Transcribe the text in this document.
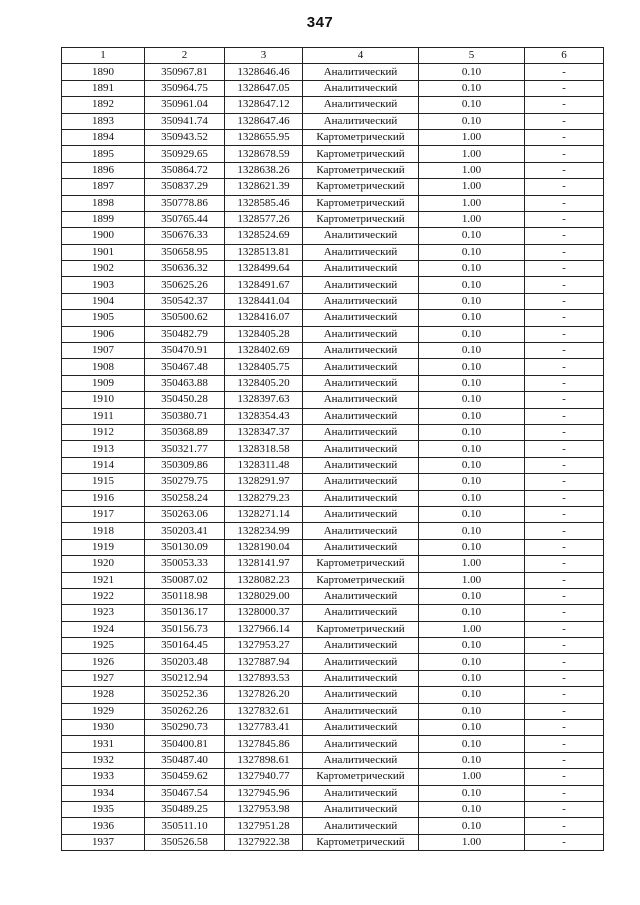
347
1	2	3	4	5	6
1890	350967.81	1328646.46	Аналитический	0.10	-
1891	350964.75	1328647.05	Аналитический	0.10	-
1892	350961.04	1328647.12	Аналитический	0.10	-
1893	350941.74	1328647.46	Аналитический	0.10	-
1894	350943.52	1328655.95	Картометрический	1.00	-
1895	350929.65	1328678.59	Картометрический	1.00	-
1896	350864.72	1328638.26	Картометрический	1.00	-
1897	350837.29	1328621.39	Картометрический	1.00	-
1898	350778.86	1328585.46	Картометрический	1.00	-
1899	350765.44	1328577.26	Картометрический	1.00	-
1900	350676.33	1328524.69	Аналитический	0.10	-
1901	350658.95	1328513.81	Аналитический	0.10	-
1902	350636.32	1328499.64	Аналитический	0.10	-
1903	350625.26	1328491.67	Аналитический	0.10	-
1904	350542.37	1328441.04	Аналитический	0.10	-
1905	350500.62	1328416.07	Аналитический	0.10	-
1906	350482.79	1328405.28	Аналитический	0.10	-
1907	350470.91	1328402.69	Аналитический	0.10	-
1908	350467.48	1328405.75	Аналитический	0.10	-
1909	350463.88	1328405.20	Аналитический	0.10	-
1910	350450.28	1328397.63	Аналитический	0.10	-
1911	350380.71	1328354.43	Аналитический	0.10	-
1912	350368.89	1328347.37	Аналитический	0.10	-
1913	350321.77	1328318.58	Аналитический	0.10	-
1914	350309.86	1328311.48	Аналитический	0.10	-
1915	350279.75	1328291.97	Аналитический	0.10	-
1916	350258.24	1328279.23	Аналитический	0.10	-
1917	350263.06	1328271.14	Аналитический	0.10	-
1918	350203.41	1328234.99	Аналитический	0.10	-
1919	350130.09	1328190.04	Аналитический	0.10	-
1920	350053.33	1328141.97	Картометрический	1.00	-
1921	350087.02	1328082.23	Картометрический	1.00	-
1922	350118.98	1328029.00	Аналитический	0.10	-
1923	350136.17	1328000.37	Аналитический	0.10	-
1924	350156.73	1327966.14	Картометрический	1.00	-
1925	350164.45	1327953.27	Аналитический	0.10	-
1926	350203.48	1327887.94	Аналитический	0.10	-
1927	350212.94	1327893.53	Аналитический	0.10	-
1928	350252.36	1327826.20	Аналитический	0.10	-
1929	350262.26	1327832.61	Аналитический	0.10	-
1930	350290.73	1327783.41	Аналитический	0.10	-
1931	350400.81	1327845.86	Аналитический	0.10	-
1932	350487.40	1327898.61	Аналитический	0.10	-
1933	350459.62	1327940.77	Картометрический	1.00	-
1934	350467.54	1327945.96	Аналитический	0.10	-
1935	350489.25	1327953.98	Аналитический	0.10	-
1936	350511.10	1327951.28	Аналитический	0.10	-
1937	350526.58	1327922.38	Картометрический	1.00	-
